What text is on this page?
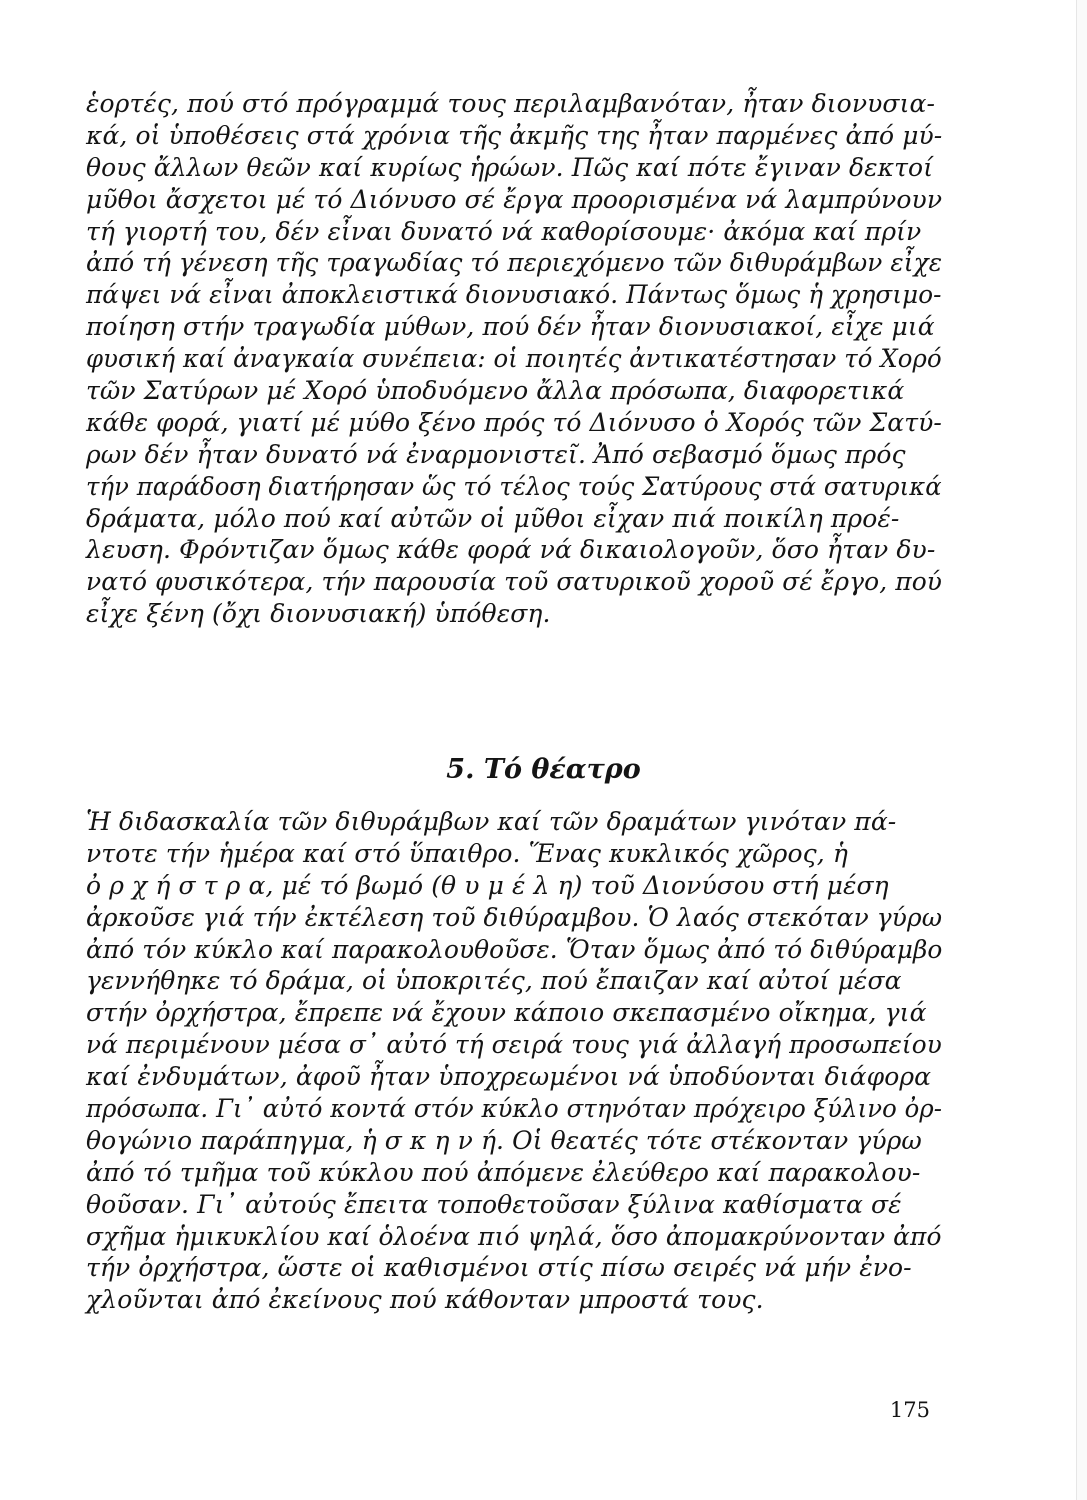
ἑορτές, πού στό πρόγραμμά τους περιλαμβανόταν, ἦταν διονυσια-
κά, οἱ ὑποθέσεις στά χρόνια τῆς ἀκμῆς της ἦταν παρμένες ἀπό μύ-
θους ἄλλων θεῶν καί κυρίως ἡρώων. Πῶς καί πότε ἔγιναν δεκτοί
μῦθοι ἄσχετοι μέ τό Διόνυσο σέ ἔργα προορισμένα νά λαμπρύνουν
τή γιορτή του, δέν εἶναι δυνατό νά καθορίσουμε· ἀκόμα καί πρίν
ἀπό τή γένεση τῆς τραγωδίας τό περιεχόμενο τῶν διθυράμβων εἶχε
πάψει νά εἶναι ἀποκλειστικά διονυσιακό. Πάντως ὅμως ἡ χρησιμο-
ποίηση στήν τραγωδία μύθων, πού δέν ἦταν διονυσιακοί, εἶχε μιά
φυσική καί ἀναγκαία συνέπεια: οἱ ποιητές ἀντικατέστησαν τό Χορό
τῶν Σατύρων μέ Χορό ὑποδυόμενο ἄλλα πρόσωπα, διαφορετικά
κάθε φορά, γιατί μέ μύθο ξένο πρός τό Διόνυσο ὁ Χορός τῶν Σατύ-
ρων δέν ἦταν δυνατό νά ἐναρμονιστεῖ. Ἀπό σεβασμό ὅμως πρός
τήν παράδοση διατήρησαν ὥς τό τέλος τούς Σατύρους στά σατυρικά
δράματα, μόλο πού καί αὐτῶν οἱ μῦθοι εἶχαν πιά ποικίλη προέ-
λευση. Φρόντιζαν ὅμως κάθε φορά νά δικαιολογοῦν, ὅσο ἦταν δυ-
νατό φυσικότερα, τήν παρουσία τοῦ σατυρικοῦ χοροῦ σέ ἔργο, πού
εἶχε ξένη (ὄχι διονυσιακή) ὑπόθεση.
5. Τό θέατρο
Ἡ διδασκαλία τῶν διθυράμβων καί τῶν δραμάτων γινόταν πά-
ντοτε τήν ἡμέρα καί στό ὕπαιθρο. Ἕνας κυκλικός χῶρος, ἡ
ὀ ρ χ ή σ τ ρ α, μέ τό βωμό (θ υ μ έ λ η) τοῦ Διονύσου στή μέση
ἀρκοῦσε γιά τήν ἐκτέλεση τοῦ διθύραμβου. Ὁ λαός στεκόταν γύρω
ἀπό τόν κύκλο καί παρακολουθοῦσε. Ὅταν ὅμως ἀπό τό διθύραμβο
γεννήθηκε τό δράμα, οἱ ὑποκριτές, πού ἔπαιζαν καί αὐτοί μέσα
στήν ὀρχήστρα, ἔπρεπε νά ἔχουν κάποιο σκεπασμένο οἴκημα, γιά
νά περιμένουν μέσα σ᾽ αὐτό τή σειρά τους γιά ἀλλαγή προσωπείου
καί ἐνδυμάτων, ἀφοῦ ἦταν ὑποχρεωμένοι νά ὑποδύονται διάφορα
πρόσωπα. Γι᾽ αὐτό κοντά στόν κύκλο στηνόταν πρόχειρο ξύλινο ὀρ-
θογώνιο παράπηγμα, ἡ σ κ η ν ή. Οἱ θεατές τότε στέκονταν γύρω
ἀπό τό τμῆμα τοῦ κύκλου πού ἀπόμενε ἐλεύθερο καί παρακολου-
θοῦσαν. Γι᾽ αὐτούς ἔπειτα τοποθετοῦσαν ξύλινα καθίσματα σέ
σχῆμα ἡμικυκλίου καί ὁλοένα πιό ψηλά, ὅσο ἀπομακρύνονταν ἀπό
τήν ὀρχήστρα, ὥστε οἱ καθισμένοι στίς πίσω σειρές νά μήν ἐνο-
χλοῦνται ἀπό ἐκείνους πού κάθονταν μπροστά τους.
175
